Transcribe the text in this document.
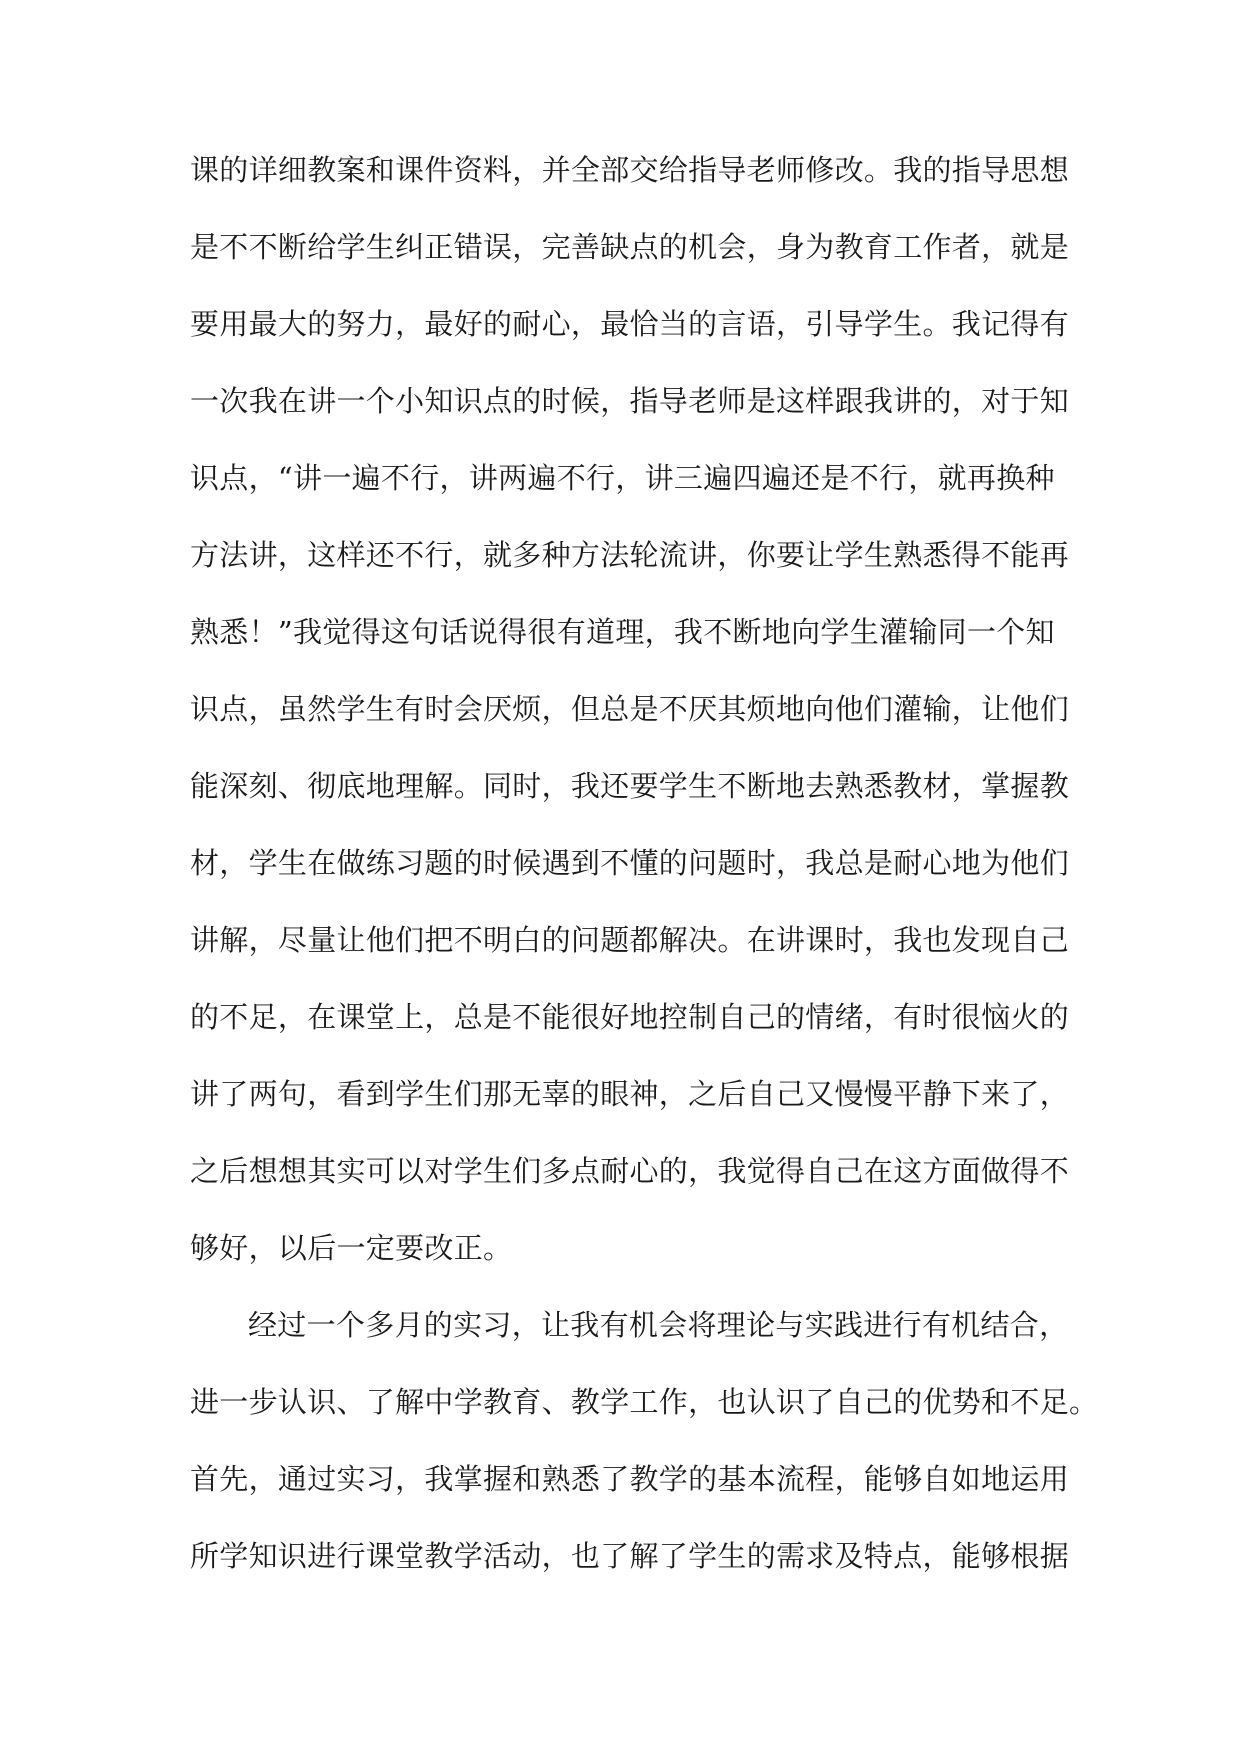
课的详细教案和课件资料，并全部交给指导老师修改。我的指导思想
是不不断给学生纠正错误，完善缺点的机会，身为教育工作者，就是
要用最大的努力，最好的耐心，最恰当的言语，引导学生。我记得有
一次我在讲一个小知识点的时候，指导老师是这样跟我讲的，对于知
识点，“讲一遍不行，讲两遍不行，讲三遍四遍还是不行，就再换种
方法讲，这样还不行，就多种方法轮流讲，你要让学生熟悉得不能再
熟悉！”我觉得这句话说得很有道理，我不断地向学生灌输同一个知
识点，虽然学生有时会厌烦，但总是不厌其烦地向他们灌输，让他们
能深刻、彻底地理解。同时，我还要学生不断地去熟悉教材，掌握教
材，学生在做练习题的时候遇到不懂的问题时，我总是耐心地为他们
讲解，尽量让他们把不明白的问题都解决。在讲课时，我也发现自己
的不足，在课堂上，总是不能很好地控制自己的情绪，有时很恼火的
讲了两句，看到学生们那无辜的眼神，之后自己又慢慢平静下来了，
之后想想其实可以对学生们多点耐心的，我觉得自己在这方面做得不
够好，以后一定要改正。
经过一个多月的实习，让我有机会将理论与实践进行有机结合，
进一步认识、了解中学教育、教学工作，也认识了自己的优势和不足。
首先，通过实习，我掌握和熟悉了教学的基本流程，能够自如地运用
所学知识进行课堂教学活动，也了解了学生的需求及特点，能够根据
